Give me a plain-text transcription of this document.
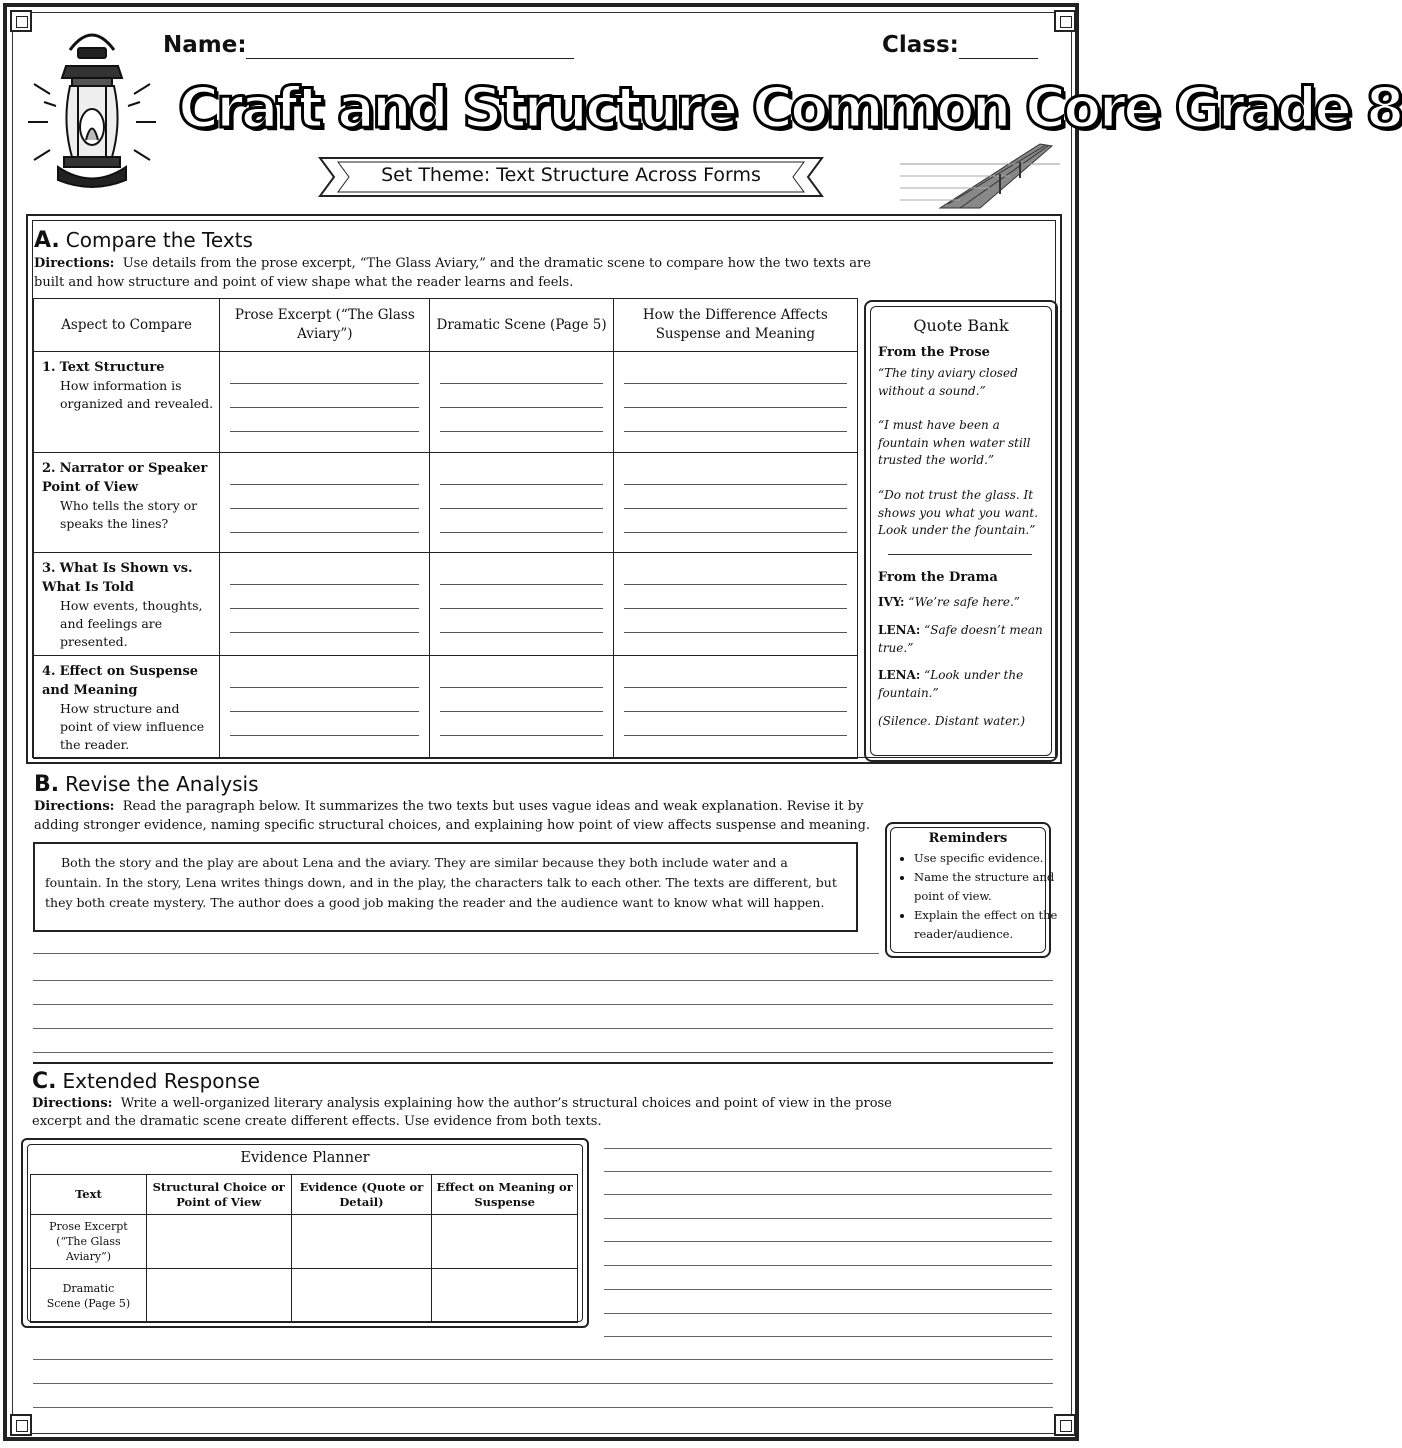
Name:	Class:
Craft and Structure Common Core Grade 8
Set Theme: Text Structure Across Forms
A. Compare the Texts
Directions: Use details from the prose excerpt, “The Glass Aviary,” and the dramatic scene to compare how the two texts are built and how structure and point of view shape what the reader learns and feels.
Aspect to Compare	Prose Excerpt (“The Glass Aviary”)	Dramatic Scene (Page 5)	How the Difference Affects Suspense and Meaning
1. Text Structure
How information is organized and revealed.			

2. Narrator or Speaker Point of View
Who tells the story or speaks the lines?			

3. What Is Shown vs. What Is Told
How events, thoughts, and feelings are presented.			

4. Effect on Suspense and Meaning
How structure and point of view influence the reader.			

Quote Bank
From the Prose
“The tiny aviary closed without a sound.”
“I must have been a fountain when water still trusted the world.”
“Do not trust the glass. It shows you what you want. Look under the fountain.”
From the Drama
IVY: “We’re safe here.”
LENA: “Safe doesn’t mean true.”
LENA: “Look under the fountain.”
(Silence. Distant water.)
B. Revise the Analysis
Directions: Read the paragraph below. It summarizes the two texts but uses vague ideas and weak explanation. Revise it by adding stronger evidence, naming specific structural choices, and explaining how point of view affects suspense and meaning.
Both the story and the play are about Lena and the aviary. They are similar because they both include water and a fountain. In the story, Lena writes things down, and in the play, the characters talk to each other. The texts are different, but they both create mystery. The author does a good job making the reader and the audience want to know what will happen.
Reminders
• Use specific evidence.
• Name the structure and point of view.
• Explain the effect on the reader/audience.
C. Extended Response
Directions: Write a well-organized literary analysis explaining how the author’s structural choices and point of view in the prose excerpt and the dramatic scene create different effects. Use evidence from both texts.
Evidence Planner
Text	Structural Choice or Point of View	Evidence (Quote or Detail)	Effect on Meaning or Suspense
Prose Excerpt (“The Glass Aviary”)			
Dramatic Scene (Page 5)			
